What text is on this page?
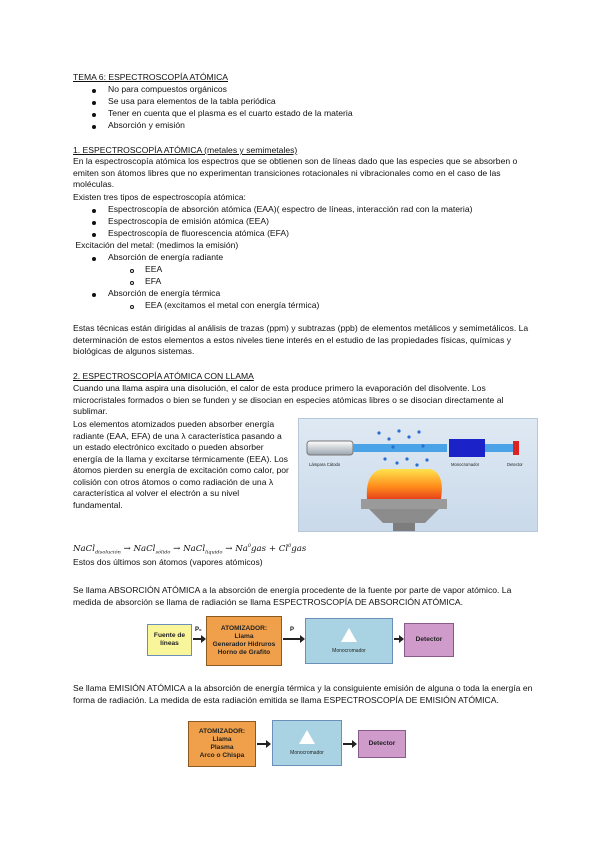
TEMA 6: ESPECTROSCOPÍA ATÓMICA
No para compuestos orgánicos
Se usa para elementos de la tabla periódica
Tener en cuenta que el plasma es el cuarto estado de la materia
Absorción y emisión
1. ESPECTROSCOPÍA ATÓMICA (metales y semimetales)
En la espectroscopía atómica los espectros que se obtienen son de líneas dado que las especies que se absorben o emiten son átomos libres que no experimentan transiciones rotacionales ni vibracionales como en el caso de las moléculas.
Existen tres tipos de espectroscopía atómica:
Espectroscopía de absorción atómica (EAA)( espectro de líneas, interacción rad con la materia)
Espectroscopía de emisión atómica (EEA)
Espectroscopía de fluorescencia atómica (EFA)
Excitación del metal: (medimos la emisión)
Absorción de energía radiante
EEA
EFA
Absorción de energía térmica
EEA (excitamos el metal con energía térmica)
Estas técnicas están dirigidas al análisis de trazas (ppm) y subtrazas (ppb) de elementos metálicos y semimetálicos. La determinación de estos elementos a estos niveles tiene interés en el estudio de las propiedades físicas, químicas y biológicas de algunos sistemas.
2. ESPECTROSCOPÍA ATÓMICA CON LLAMA
Cuando una llama aspira una disolución, el calor de esta produce primero la evaporación del disolvente. Los microcristales formados o bien se funden y se disocian en especies atómicas libres o se disocian directamente al sublimar.
Los elementos atomizados pueden absorber energía radiante (EAA, EFA) de una λ característica pasando a un estado electrónico excitado o pueden absorber energía de la llama y excitarse térmicamente (EEA). Los átomos pierden su energía de excitación como calor, por colisión con otros átomos o como radiación de una λ característica al volver el electrón a su nivel fundamental.
Lámpara Cátodo	Monocromador	Detector
NaCl$_{disolución}$ → NaCl$_{sólido}$ → NaCl$_{líquido}$ → $Na^0gas + Cl^0gas$
Estos dos últimos son átomos (vapores atómicos)
Se llama ABSORCIÓN ATÓMICA a la absorción de energía procedente de la fuente por parte de vapor atómico. La medida de absorción se llama de radiación se llama ESPECTROSCOPÍA DE ABSORCIÓN ATÓMICA.
Fuente de líneas
P₀	ATOMIZADOR:
Llama
Generador Hidruros
Horno de Grafito
P
Monocromador
Detector
Se llama EMISIÓN ATÓMICA a la absorción de energía térmica y la consiguiente emisión de alguna o toda la energía en forma de radiación. La medida de esta radiación emitida se llama ESPECTROSCOPÍA DE EMISIÓN ATÓMICA.
ATOMIZADOR:
Llama
Plasma
Arco o Chispa	Monocromador
Detector
